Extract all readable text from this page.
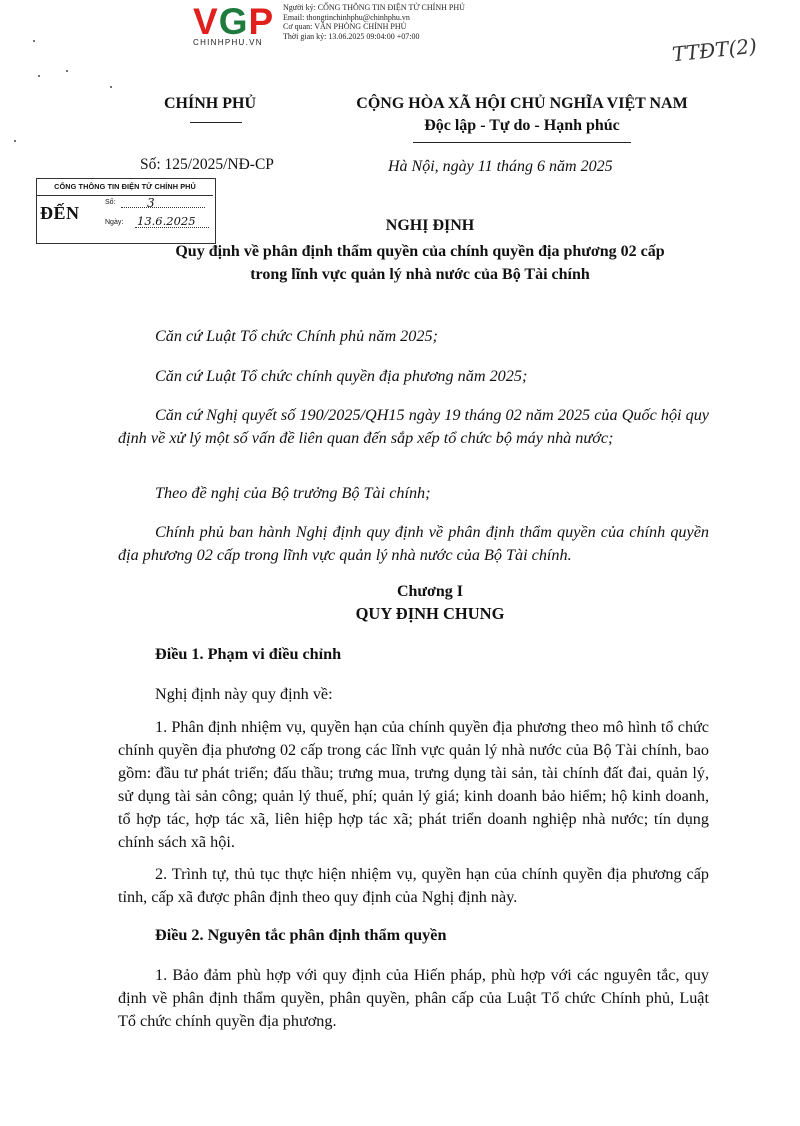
VGP
CHINHPHU.VN
Người ký: CỔNG THÔNG TIN ĐIỆN TỬ CHÍNH PHỦ
Email: thongtinchinhphu@chinhphu.vn
Cơ quan: VĂN PHÒNG CHÍNH PHỦ
Thời gian ký: 13.06.2025 09:04:00 +07:00	TTĐT(2)
CHÍNH PHỦ	CỘNG HÒA XÃ HỘI CHỦ NGHĨA VIỆT NAM
Độc lập - Tự do - Hạnh phúc
Số: 125/2025/NĐ-CP	Hà Nội, ngày 11 tháng 6 năm 2025
CỔNG THÔNG TIN ĐIỆN TỬ CHÍNH PHỦ
ĐẾN
Số:	3
Ngày: 13.6.2025	NGHỊ ĐỊNH
Quy định về phân định thẩm quyền của chính quyền địa phương 02 cấp
trong lĩnh vực quản lý nhà nước của Bộ Tài chính
Căn cứ Luật Tổ chức Chính phủ năm 2025;
Căn cứ Luật Tổ chức chính quyền địa phương năm 2025;
Căn cứ Nghị quyết số 190/2025/QH15 ngày 19 tháng 02 năm 2025 của Quốc hội quy định về xử lý một số vấn đề liên quan đến sắp xếp tổ chức bộ máy nhà nước;
Theo đề nghị của Bộ trưởng Bộ Tài chính;
Chính phủ ban hành Nghị định quy định về phân định thẩm quyền của chính quyền địa phương 02 cấp trong lĩnh vực quản lý nhà nước của Bộ Tài chính.
Chương I
QUY ĐỊNH CHUNG
Điều 1. Phạm vi điều chỉnh
Nghị định này quy định về:
1. Phân định nhiệm vụ, quyền hạn của chính quyền địa phương theo mô hình tổ chức chính quyền địa phương 02 cấp trong các lĩnh vực quản lý nhà nước của Bộ Tài chính, bao gồm: đầu tư phát triển; đấu thầu; trưng mua, trưng dụng tài sản, tài chính đất đai, quản lý, sử dụng tài sản công; quản lý thuế, phí; quản lý giá; kinh doanh bảo hiểm; hộ kinh doanh, tổ hợp tác, hợp tác xã, liên hiệp hợp tác xã; phát triển doanh nghiệp nhà nước; tín dụng chính sách xã hội.
2. Trình tự, thủ tục thực hiện nhiệm vụ, quyền hạn của chính quyền địa phương cấp tỉnh, cấp xã được phân định theo quy định của Nghị định này.
Điều 2. Nguyên tắc phân định thẩm quyền
1. Bảo đảm phù hợp với quy định của Hiến pháp, phù hợp với các nguyên tắc, quy định về phân định thẩm quyền, phân quyền, phân cấp của Luật Tổ chức Chính phủ, Luật Tổ chức chính quyền địa phương.
